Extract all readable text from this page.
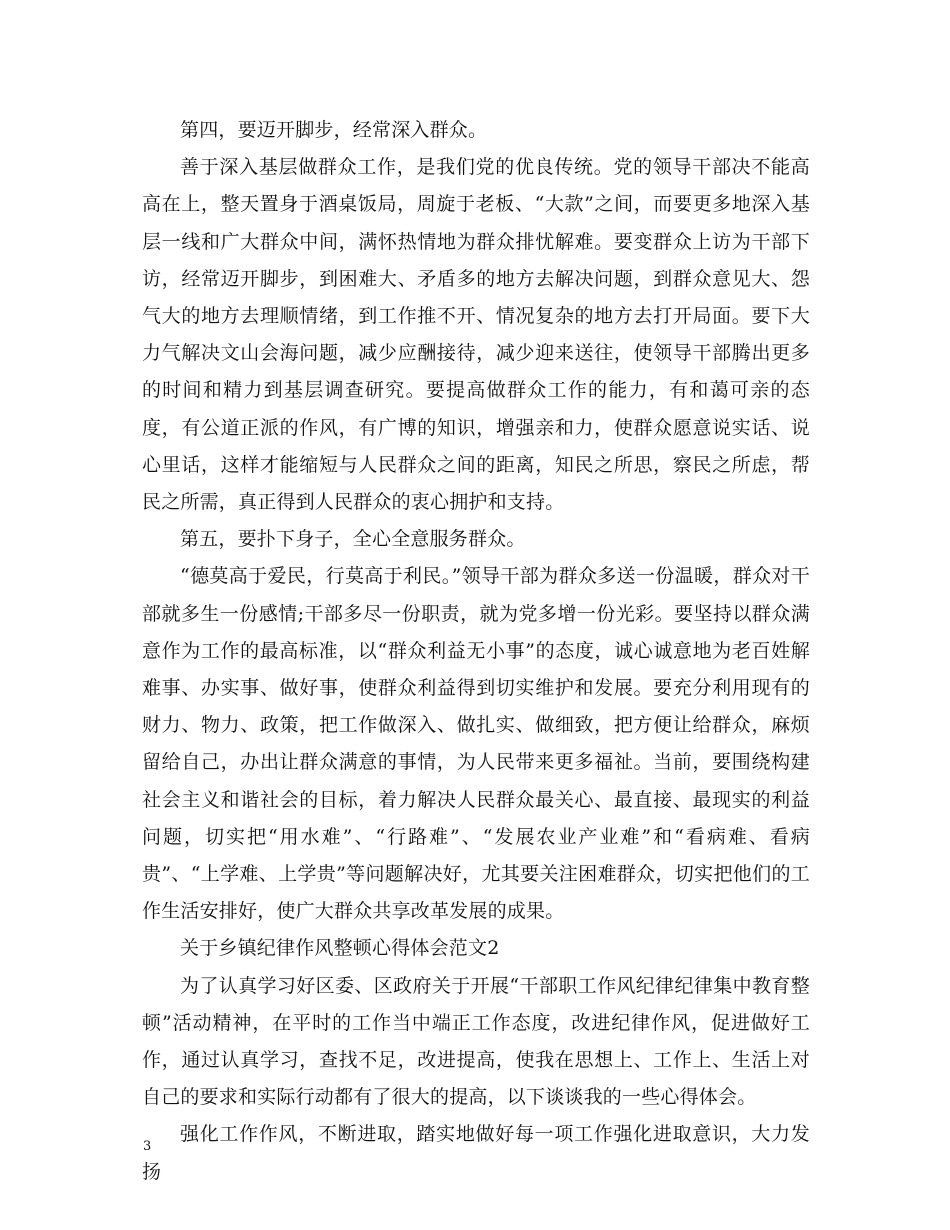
第四，要迈开脚步，经常深入群众。

善于深入基层做群众工作，是我们党的优良传统。党的领导干部决不能高高在上，整天置身于酒桌饭局，周旋于老板、“大款”之间，而要更多地深入基层一线和广大群众中间，满怀热情地为群众排忧解难。要变群众上访为干部下访，经常迈开脚步，到困难大、矛盾多的地方去解决问题，到群众意见大、怨气大的地方去理顺情绪，到工作推不开、情况复杂的地方去打开局面。要下大力气解决文山会海问题，减少应酬接待，减少迎来送往，使领导干部腾出更多的时间和精力到基层调查研究。要提高做群众工作的能力，有和蔼可亲的态度，有公道正派的作风，有广博的知识，增强亲和力，使群众愿意说实话、说心里话，这样才能缩短与人民群众之间的距离，知民之所思，察民之所虑，帮民之所需，真正得到人民群众的衷心拥护和支持。

第五，要扑下身子，全心全意服务群众。

“德莫高于爱民，行莫高于利民。”领导干部为群众多送一份温暖，群众对干部就多生一份感情;干部多尽一份职责，就为党多增一份光彩。要坚持以群众满意作为工作的最高标准，以“群众利益无小事”的态度，诚心诚意地为老百姓解难事、办实事、做好事，使群众利益得到切实维护和发展。要充分利用现有的财力、物力、政策，把工作做深入、做扎实、做细致，把方便让给群众，麻烦留给自己，办出让群众满意的事情，为人民带来更多福祉。当前，要围绕构建社会主义和谐社会的目标，着力解决人民群众最关心、最直接、最现实的利益问题，切实把“用水难”、“行路难”、“发展农业产业难”和“看病难、看病贵”、“上学难、上学贵”等问题解决好，尤其要关注困难群众，切实把他们的工作生活安排好，使广大群众共享改革发展的成果。

关于乡镇纪律作风整顿心得体会范文2

为了认真学习好区委、区政府关于开展“干部职工作风纪律纪律集中教育整顿”活动精神，在平时的工作当中端正工作态度，改进纪律作风，促进做好工作，通过认真学习，查找不足，改进提高，使我在思想上、工作上、生活上对自己的要求和实际行动都有了很大的提高，以下谈谈我的一些心得体会。

强化工作作风，不断进取，踏实地做好每一项工作强化进取意识，大力发扬

3
